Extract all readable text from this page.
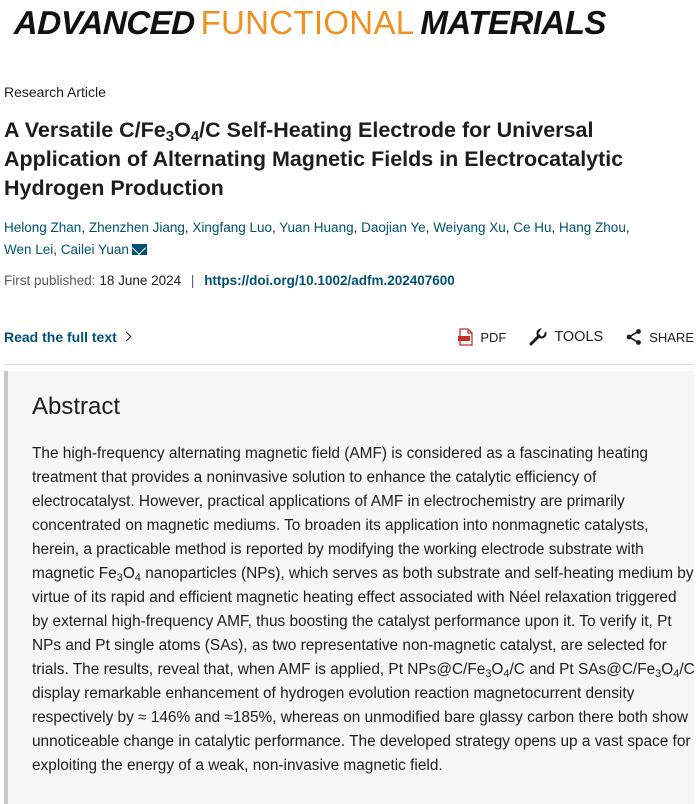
ADVANCED FUNCTIONAL MATERIALS
Research Article
A Versatile $C/Fe_3O_4/C$ Self-Heating Electrode for Universal Application of Alternating Magnetic Fields in Electrocatalytic Hydrogen Production
Helong Zhan, Zhenzhen Jiang, Xingfang Luo, Yuan Huang, Daojian Ye, Weiyang Xu, Ce Hu, Hang Zhou,
Wen Lei, Cailei Yuan
First published: 18 June 2024 | https://doi.org/10.1002/adfm.202407600
Read the full text	PDF	TOOLS	SHARE
Abstract

The high-frequency alternating magnetic field (AMF) is considered as a fascinating heating treatment that provides a noninvasive solution to enhance the catalytic efficiency of electrocatalyst. However, practical applications of AMF in electrochemistry are primarily concentrated on magnetic mediums. To broaden its application into nonmagnetic catalysts, herein, a practicable method is reported by modifying the working electrode substrate with magnetic $Fe_3O_4$ nanoparticles (NPs), which serves as both substrate and self-heating medium by virtue of its rapid and efficient magnetic heating effect associated with Néel relaxation triggered by external high-frequency AMF, thus boosting the catalyst performance upon it. To verify it, Pt NPs and Pt single atoms (SAs), as two representative non-magnetic catalyst, are selected for trials. The results, reveal that, when AMF is applied, Pt $NPs@C/Fe_3O_4/C$ and Pt $SAs@C/Fe_3O_4/C$ display remarkable enhancement of hydrogen evolution reaction magnetocurrent density respectively by ≈ 146% and ≈185%, whereas on unmodified bare glassy carbon there both show unnoticeable change in catalytic performance. The developed strategy opens up a vast space for exploiting the energy of a weak, non-invasive magnetic field.
